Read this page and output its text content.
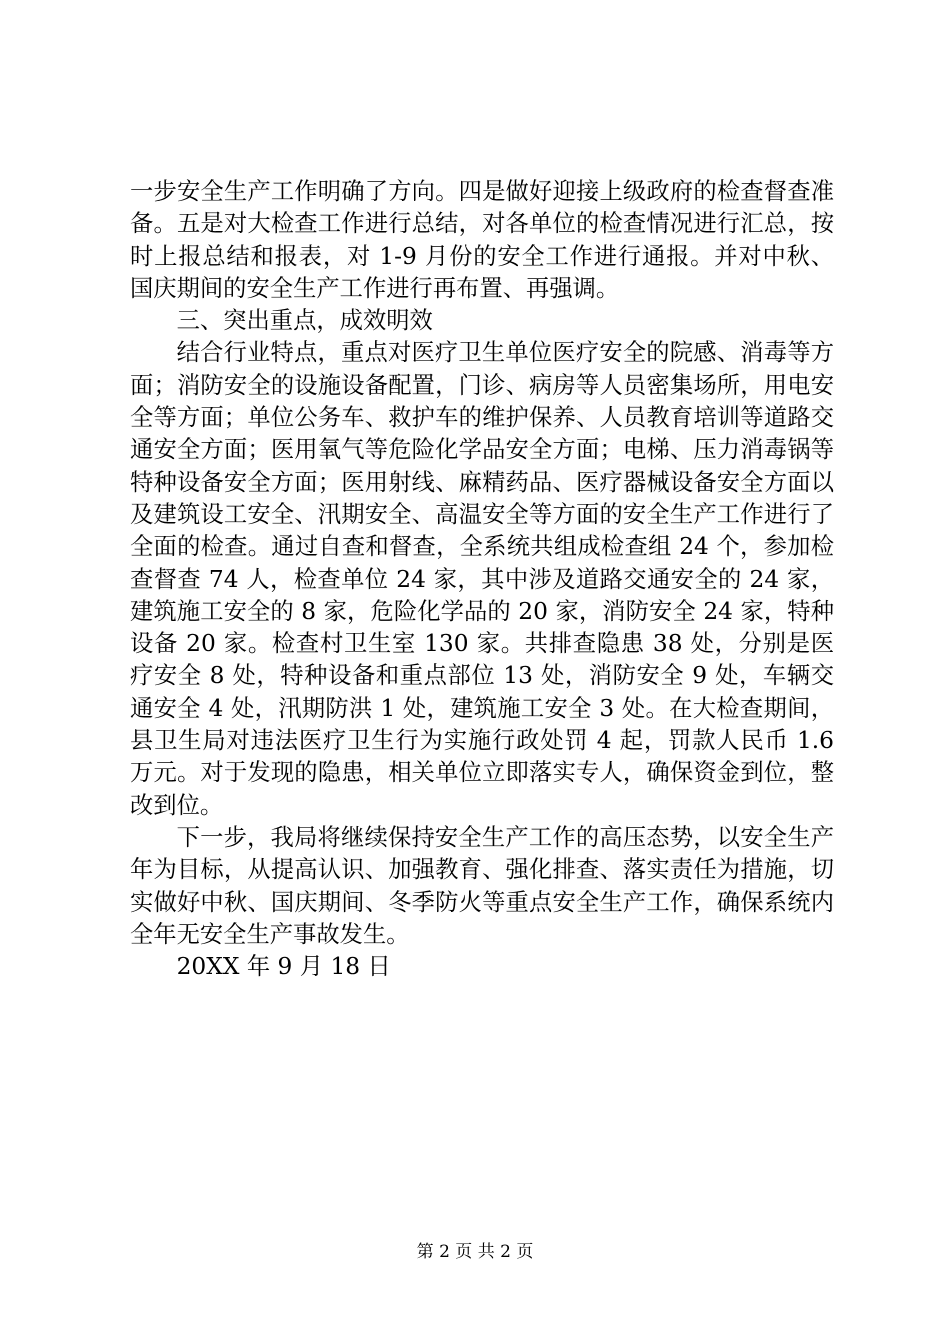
一步安全生产工作明确了方向。四是做好迎接上级政府的检查督查准备。五是对大检查工作进行总结，对各单位的检查情况进行汇总，按时上报总结和报表，对 1-9 月份的安全工作进行通报。并对中秋、国庆期间的安全生产工作进行再布置、再强调。

三、突出重点，成效明效

结合行业特点，重点对医疗卫生单位医疗安全的院感、消毒等方面；消防安全的设施设备配置，门诊、病房等人员密集场所，用电安全等方面；单位公务车、救护车的维护保养、人员教育培训等道路交通安全方面；医用氧气等危险化学品安全方面；电梯、压力消毒锅等特种设备安全方面；医用射线、麻精药品、医疗器械设备安全方面以及建筑设工安全、汛期安全、高温安全等方面的安全生产工作进行了全面的检查。通过自查和督查，全系统共组成检查组 24 个，参加检查督查 74 人，检查单位 24 家，其中涉及道路交通安全的 24 家，建筑施工安全的 8 家，危险化学品的 20 家，消防安全 24 家，特种设备 20 家。检查村卫生室 130 家。共排查隐患 38 处，分别是医疗安全 8 处，特种设备和重点部位 13 处，消防安全 9 处，车辆交通安全 4 处，汛期防洪 1 处，建筑施工安全 3 处。在大检查期间，县卫生局对违法医疗卫生行为实施行政处罚 4 起，罚款人民币 1.6 万元。对于发现的隐患，相关单位立即落实专人，确保资金到位，整改到位。

下一步，我局将继续保持安全生产工作的高压态势，以安全生产年为目标，从提高认识、加强教育、强化排查、落实责任为措施，切实做好中秋、国庆期间、冬季防火等重点安全生产工作，确保系统内全年无安全生产事故发生。

20XX 年 9 月 18 日

第 2 页 共 2 页
